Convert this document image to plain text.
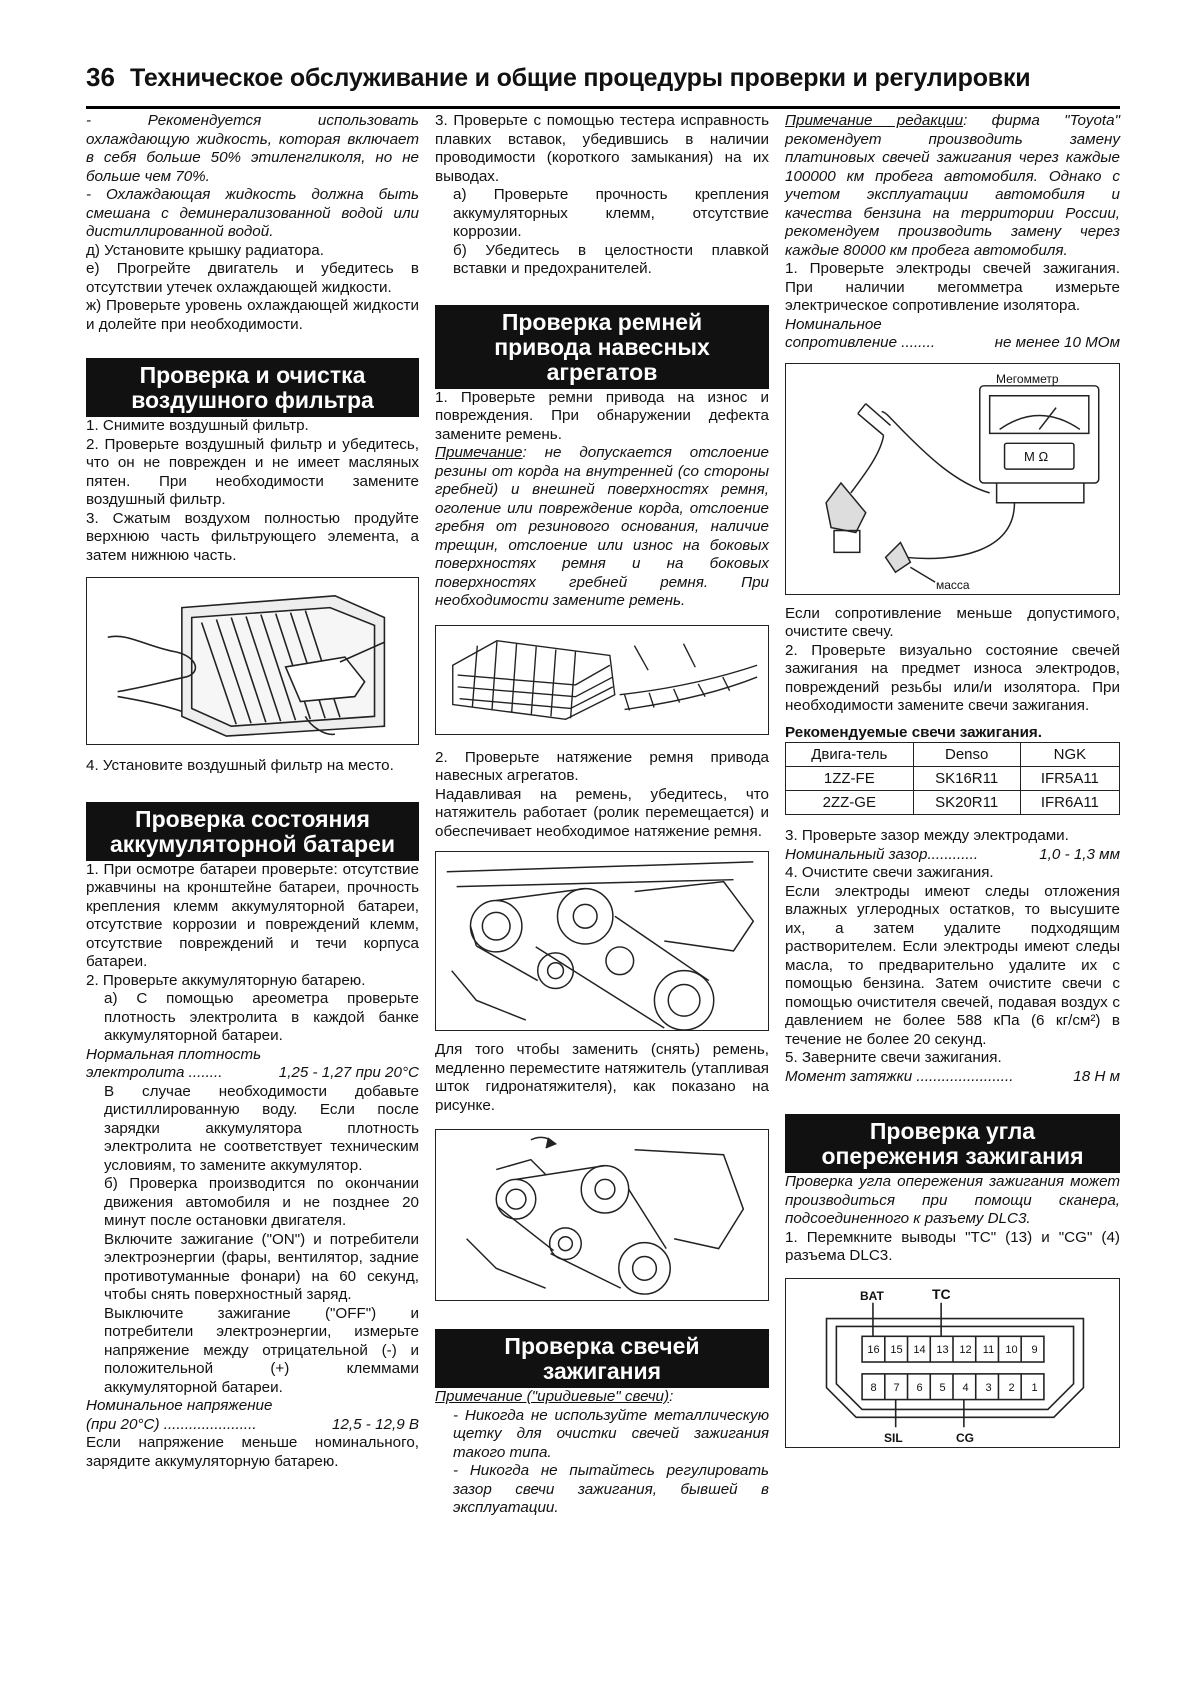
36 Техническое обслуживание и общие процедуры проверки и регулировки

- Рекомендуется использовать охлаждающую жидкость, которая включает в себя больше 50% этиленгликоля, но не больше чем 70%.

- Охлаждающая жидкость должна быть смешана с деминерализованной водой или дистиллированной водой.

д) Установите крышку радиатора.

е) Прогрейте двигатель и убедитесь в отсутствии утечек охлаждающей жидкости.

ж) Проверьте уровень охлаждающей жидкости и долейте при необходимости.

Проверка и очистка
воздушного фильтра

1. Снимите воздушный фильтр.

2. Проверьте воздушный фильтр и убедитесь, что он не поврежден и не имеет масляных пятен. При необходимости замените воздушный фильтр.

3. Сжатым воздухом полностью продуйте верхнюю часть фильтрующего элемента, а затем нижнюю часть.

4. Установите воздушный фильтр на место.

Проверка состояния
аккумуляторной батареи

1. При осмотре батареи проверьте: отсутствие ржавчины на кронштейне батареи, прочность крепления клемм аккумуляторной батареи, отсутствие коррозии и повреждений клемм, отсутствие повреждений и течи корпуса батареи.

2. Проверьте аккумуляторную батарею.

а) С помощью ареометра проверьте плотность электролита в каждой банке аккумуляторной батареи.

Нормальная плотность

электролита ........	1,25 - 1,27 при 20°С

В случае необходимости добавьте дистиллированную воду. Если после зарядки аккумулятора плотность электролита не соответствует техническим условиям, то замените аккумулятор.

б) Проверка производится по окончании движения автомобиля и не позднее 20 минут после остановки двигателя.

Включите зажигание ("ON") и потребители электроэнергии (фары, вентилятор, задние противотуманные фонари) на 60 секунд, чтобы снять поверхностный заряд.

Выключите зажигание ("OFF") и потребители электроэнергии, измерьте напряжение между отрицательной (-) и положительной (+) клеммами аккумуляторной батареи.

Номинальное напряжение

(при 20°С) ......................	12,5 - 12,9 В

Если напряжение меньше номинального, зарядите аккумуляторную батарею.

3. Проверьте с помощью тестера исправность плавких вставок, убедившись в наличии проводимости (короткого замыкания) на их выводах.

а) Проверьте прочность крепления аккумуляторных клемм, отсутствие коррозии.

б) Убедитесь в целостности плавкой вставки и предохранителей.

Проверка ремней
привода навесных
агрегатов

1. Проверьте ремни привода на износ и повреждения. При обнаружении дефекта замените ремень.

Примечание: не допускается отслоение резины от корда на внутренней (со стороны гребней) и внешней поверхностях ремня, оголение или повреждение корда, отслоение гребня от резинового основания, наличие трещин, отслоение или износ на боковых поверхностях ремня и на боковых поверхностях гребней ремня. При необходимости замените ремень.

2. Проверьте натяжение ремня привода навесных агрегатов.

Надавливая на ремень, убедитесь, что натяжитель работает (ролик перемещается) и обеспечивает необходимое натяжение ремня.

Для того чтобы заменить (снять) ремень, медленно переместите натяжитель (утапливая шток гидронатяжителя), как показано на рисунке.

Проверка свечей
зажигания

Примечание ("иридиевые" свечи):

- Никогда не используйте металлическую щетку для очистки свечей зажигания такого типа.

- Никогда не пытайтесь регулировать зазор свечи зажигания, бывшей в эксплуатации.

Примечание редакции: фирма "Toyota" рекомендует производить замену платиновых свечей зажигания через каждые 100000 км пробега автомобиля. Однако с учетом эксплуатации автомобиля и качества бензина на территории России, рекомендуем производить замену через каждые 80000 км пробега автомобиля.

1. Проверьте электроды свечей зажигания. При наличии мегомметра измерьте электрическое сопротивление изолятора.

Номинальное

сопротивление ........	не менее 10 МОм
Мегомметр
М Ω
масса

Если сопротивление меньше допустимого, очистите свечу.

2. Проверьте визуально состояние свечей зажигания на предмет износа электродов, повреждений резьбы или/и изолятора. При необходимости замените свечи зажигания.

Рекомендуемые свечи зажигания.

Двига-тель	Denso	NGK
1ZZ-FE	SK16R11	IFR5A11
2ZZ-GE	SK20R11	IFR6A11

3. Проверьте зазор между электродами.

Номинальный зазор............	1,0 - 1,3 мм

4. Очистите свечи зажигания.

Если электроды имеют следы отложения влажных углеродных остатков, то высушите их, а затем удалите подходящим растворителем. Если электроды имеют следы масла, то предварительно удалите их с помощью бензина. Затем очистите свечи с помощью очистителя свечей, подавая воздух с давлением не более 588 кПа (6 кг/см²) в течение не более 20 секунд.

5. Заверните свечи зажигания.

Момент затяжки .......................	18 Н м
Проверка угла
опережения зажигания

Проверка угла опережения зажигания может производиться при помощи сканера, подсоединенного к разъему DLC3.

1. Перемкните выводы "TC" (13) и "CG" (4) разъема DLC3.

BAT	TC
SIL	CG
16 15 14 13 12	11	10	9
8	7	6	5	4	3	2	1
